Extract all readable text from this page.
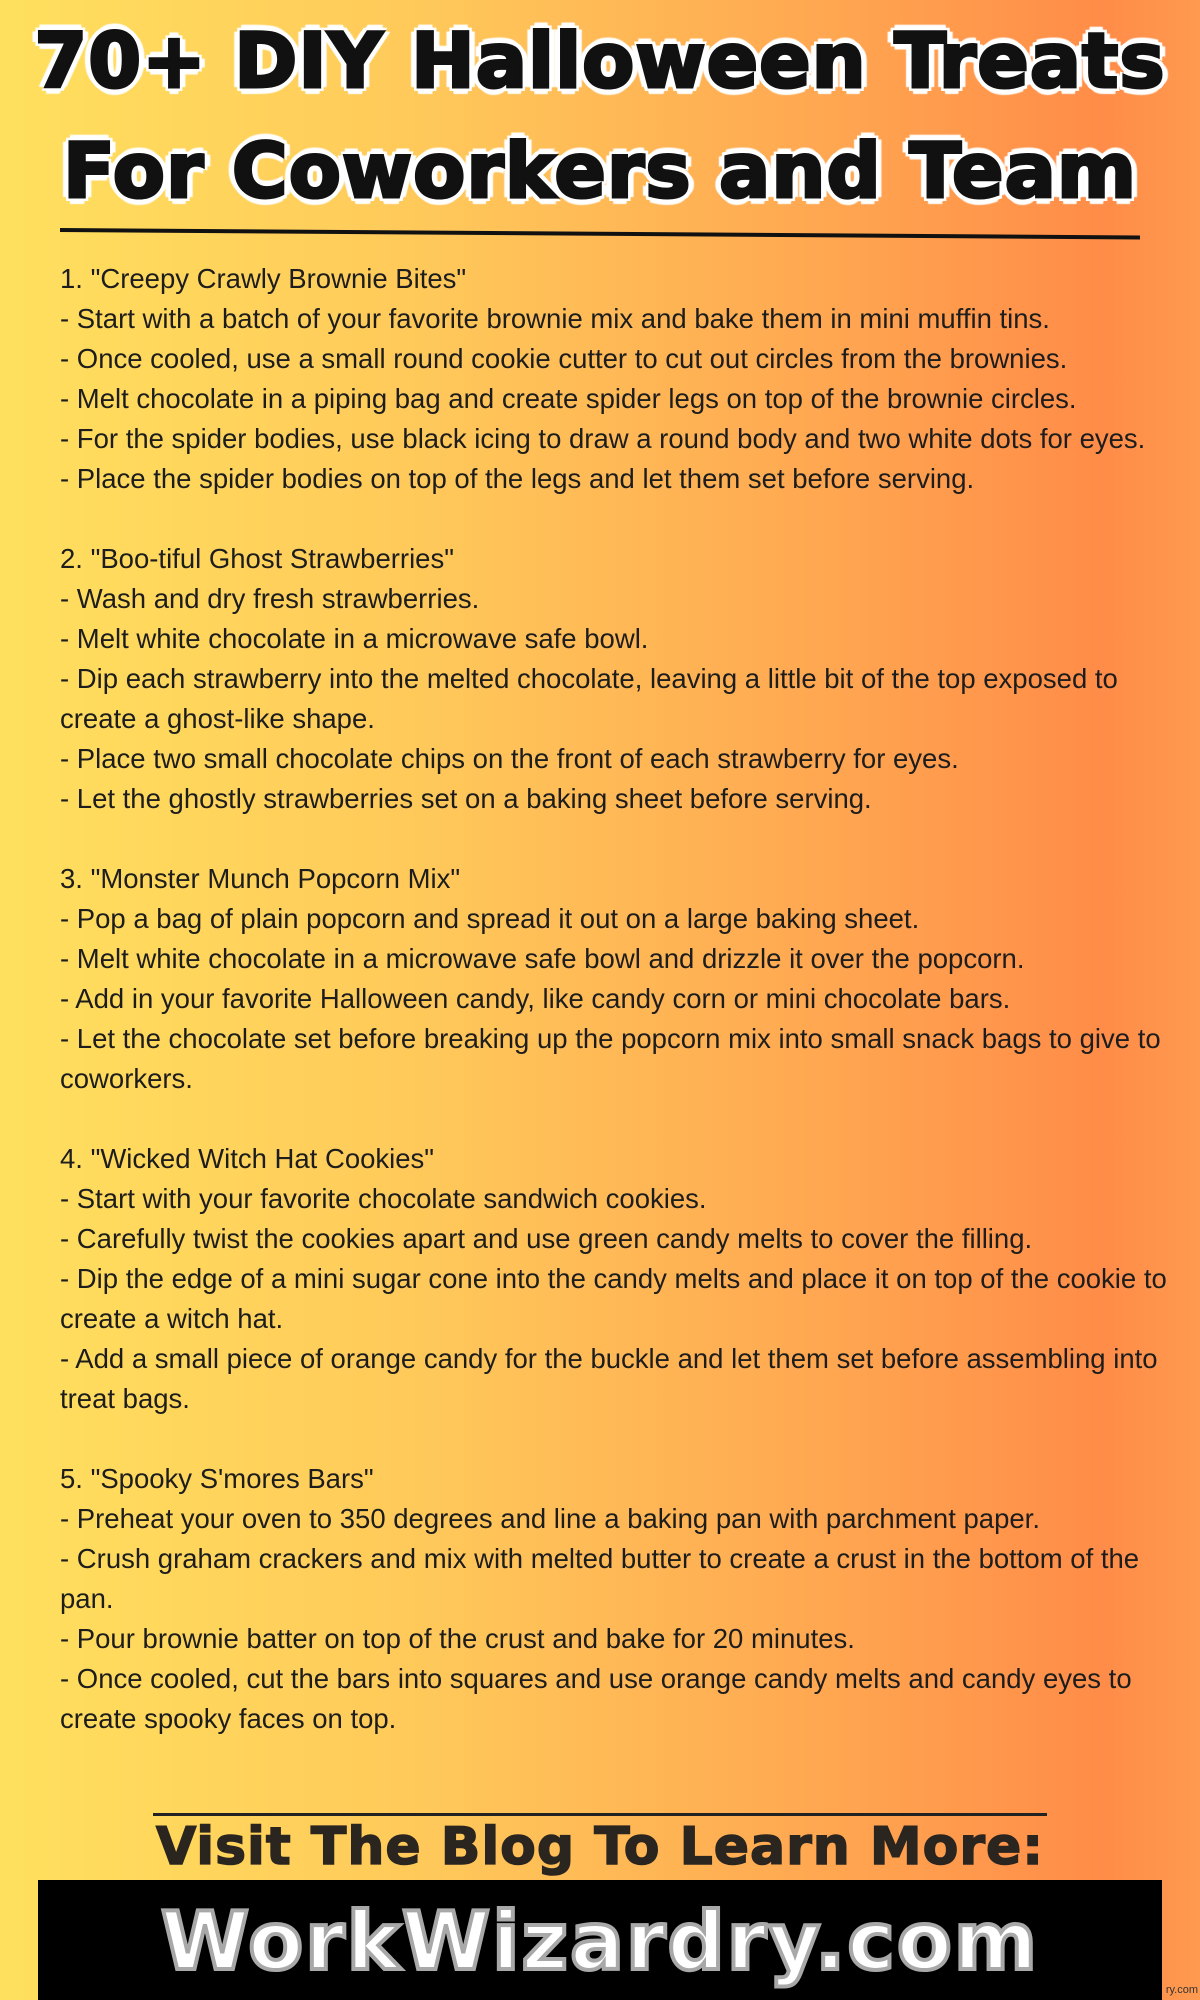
70+ DIY Halloween Treats
For Coworkers and Team

1. "Creepy Crawly Brownie Bites"

- Start with a batch of your favorite brownie mix and bake them in mini muffin tins.

- Once cooled, use a small round cookie cutter to cut out circles from the brownies.

- Melt chocolate in a piping bag and create spider legs on top of the brownie circles.

- For the spider bodies, use black icing to draw a round body and two white dots for eyes.

- Place the spider bodies on top of the legs and let them set before serving.

2. "Boo-tiful Ghost Strawberries"

- Wash and dry fresh strawberries.

- Melt white chocolate in a microwave safe bowl.

- Dip each strawberry into the melted chocolate, leaving a little bit of the top exposed to create a ghost-like shape.

- Place two small chocolate chips on the front of each strawberry for eyes.

- Let the ghostly strawberries set on a baking sheet before serving.

3. "Monster Munch Popcorn Mix"

- Pop a bag of plain popcorn and spread it out on a large baking sheet.

- Melt white chocolate in a microwave safe bowl and drizzle it over the popcorn.

- Add in your favorite Halloween candy, like candy corn or mini chocolate bars.

- Let the chocolate set before breaking up the popcorn mix into small snack bags to give to coworkers.

4. "Wicked Witch Hat Cookies"

- Start with your favorite chocolate sandwich cookies.

- Carefully twist the cookies apart and use green candy melts to cover the filling.

- Dip the edge of a mini sugar cone into the candy melts and place it on top of the cookie to create a witch hat.

- Add a small piece of orange candy for the buckle and let them set before assembling into treat bags.

5. "Spooky S'mores Bars"

- Preheat your oven to 350 degrees and line a baking pan with parchment paper.

- Crush graham crackers and mix with melted butter to create a crust in the bottom of the pan.

- Pour brownie batter on top of the crust and bake for 20 minutes.

- Once cooled, cut the bars into squares and use orange candy melts and candy eyes to create spooky faces on top.

Visit The Blog To Learn More:
WorkWizardry.com
ry.com
